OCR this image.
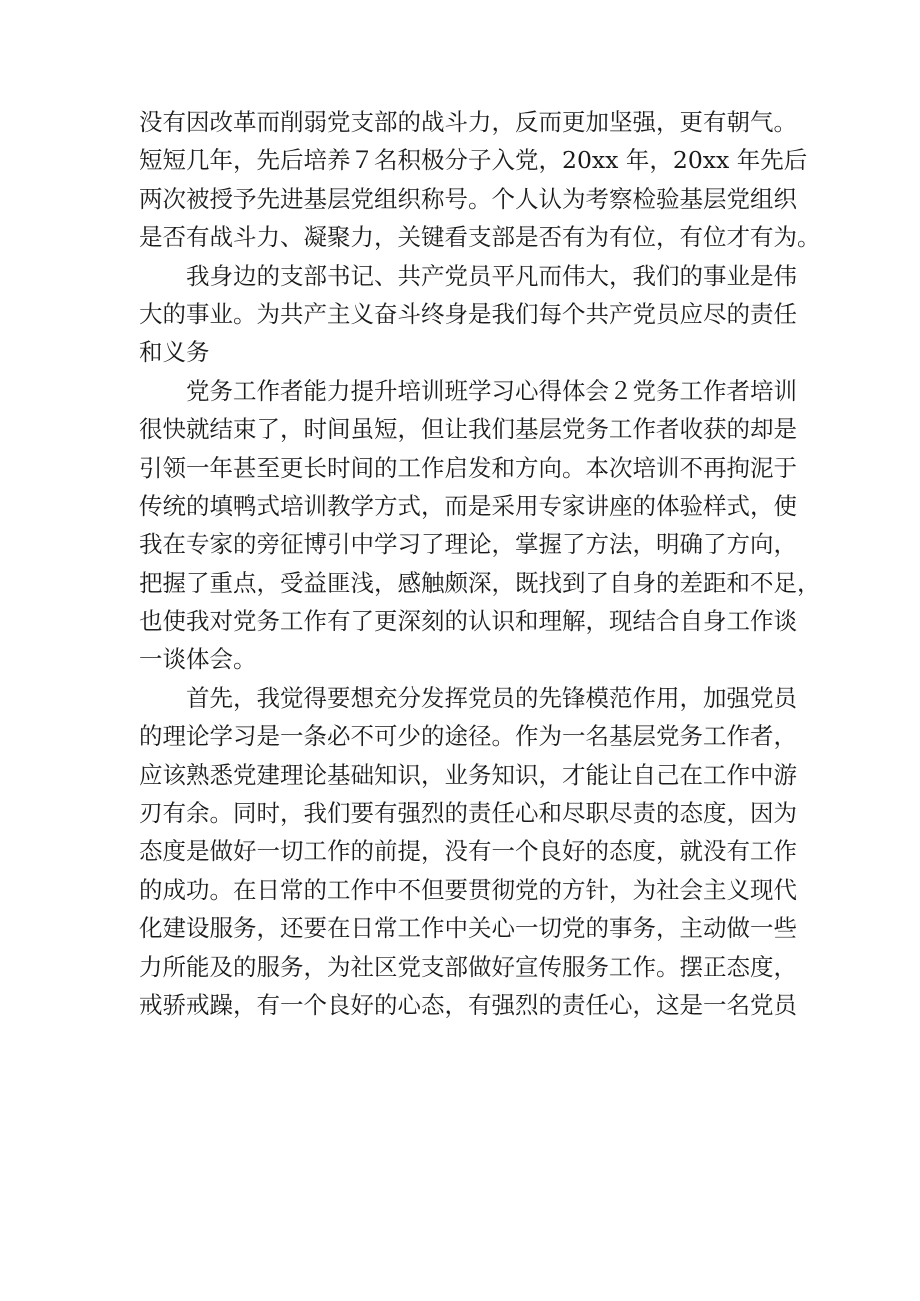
没有因改革而削弱党支部的战斗力，反而更加坚强，更有朝气。
短短几年，先后培养７名积极分子入党，20xx 年，20xx 年先后
两次被授予先进基层党组织称号。个人认为考察检验基层党组织
是否有战斗力、凝聚力，关键看支部是否有为有位，有位才有为。
我身边的支部书记、共产党员平凡而伟大，我们的事业是伟
大的事业。为共产主义奋斗终身是我们每个共产党员应尽的责任
和义务
党务工作者能力提升培训班学习心得体会２党务工作者培训
很快就结束了，时间虽短，但让我们基层党务工作者收获的却是
引领一年甚至更长时间的工作启发和方向。本次培训不再拘泥于
传统的填鸭式培训教学方式，而是采用专家讲座的体验样式，使
我在专家的旁征博引中学习了理论，掌握了方法，明确了方向，
把握了重点，受益匪浅，感触颇深，既找到了自身的差距和不足，
也使我对党务工作有了更深刻的认识和理解，现结合自身工作谈
一谈体会。
首先，我觉得要想充分发挥党员的先锋模范作用，加强党员
的理论学习是一条必不可少的途径。作为一名基层党务工作者，
应该熟悉党建理论基础知识，业务知识，才能让自己在工作中游
刃有余。同时，我们要有强烈的责任心和尽职尽责的态度，因为
态度是做好一切工作的前提，没有一个良好的态度，就没有工作
的成功。在日常的工作中不但要贯彻党的方针，为社会主义现代
化建设服务，还要在日常工作中关心一切党的事务，主动做一些
力所能及的服务，为社区党支部做好宣传服务工作。摆正态度，
戒骄戒躁，有一个良好的心态，有强烈的责任心，这是一名党员
